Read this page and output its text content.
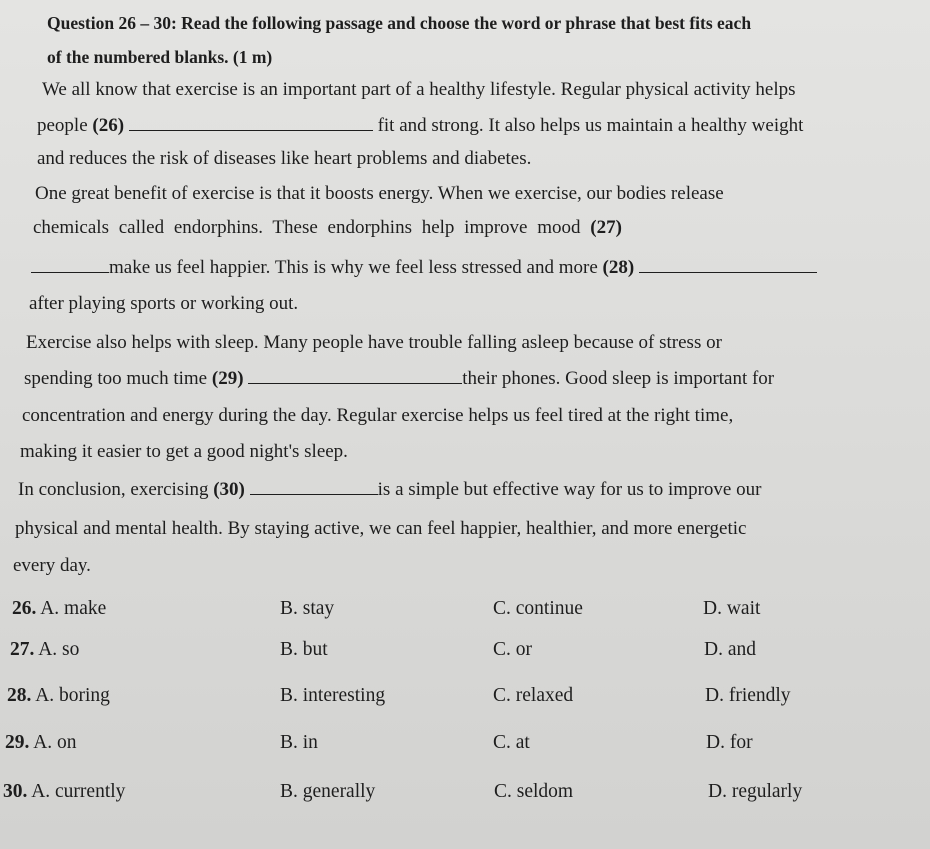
Question 26 – 30: Read the following passage and choose the word or phrase that best fits each
of the numbered blanks. (1 m)
We all know that exercise is an important part of a healthy lifestyle. Regular physical activity helps
people (26)	fit and strong. It also helps us maintain a healthy weight
and reduces the risk of diseases like heart problems and diabetes.
One great benefit of exercise is that it boosts energy. When we exercise, our bodies release
chemicals called endorphins. These endorphins help improve mood (27)
make us feel happier. This is why we feel less stressed and more (28)
after playing sports or working out.
Exercise also helps with sleep. Many people have trouble falling asleep because of stress or
spending too much time (29)	their phones. Good sleep is important for
concentration and energy during the day. Regular exercise helps us feel tired at the right time,
making it easier to get a good night's sleep.
In conclusion, exercising (30)	is a simple but effective way for us to improve our
physical and mental health. By staying active, we can feel happier, healthier, and more energetic
every day.
26. A. make	B. stay	C. continue	D. wait
27. A. so	B. but	C. or	D. and
28. A. boring	B. interesting	C. relaxed	D. friendly
29. A. on	B. in	C. at	D. for
30. A. currently	B. generally	C. seldom	D. regularly
